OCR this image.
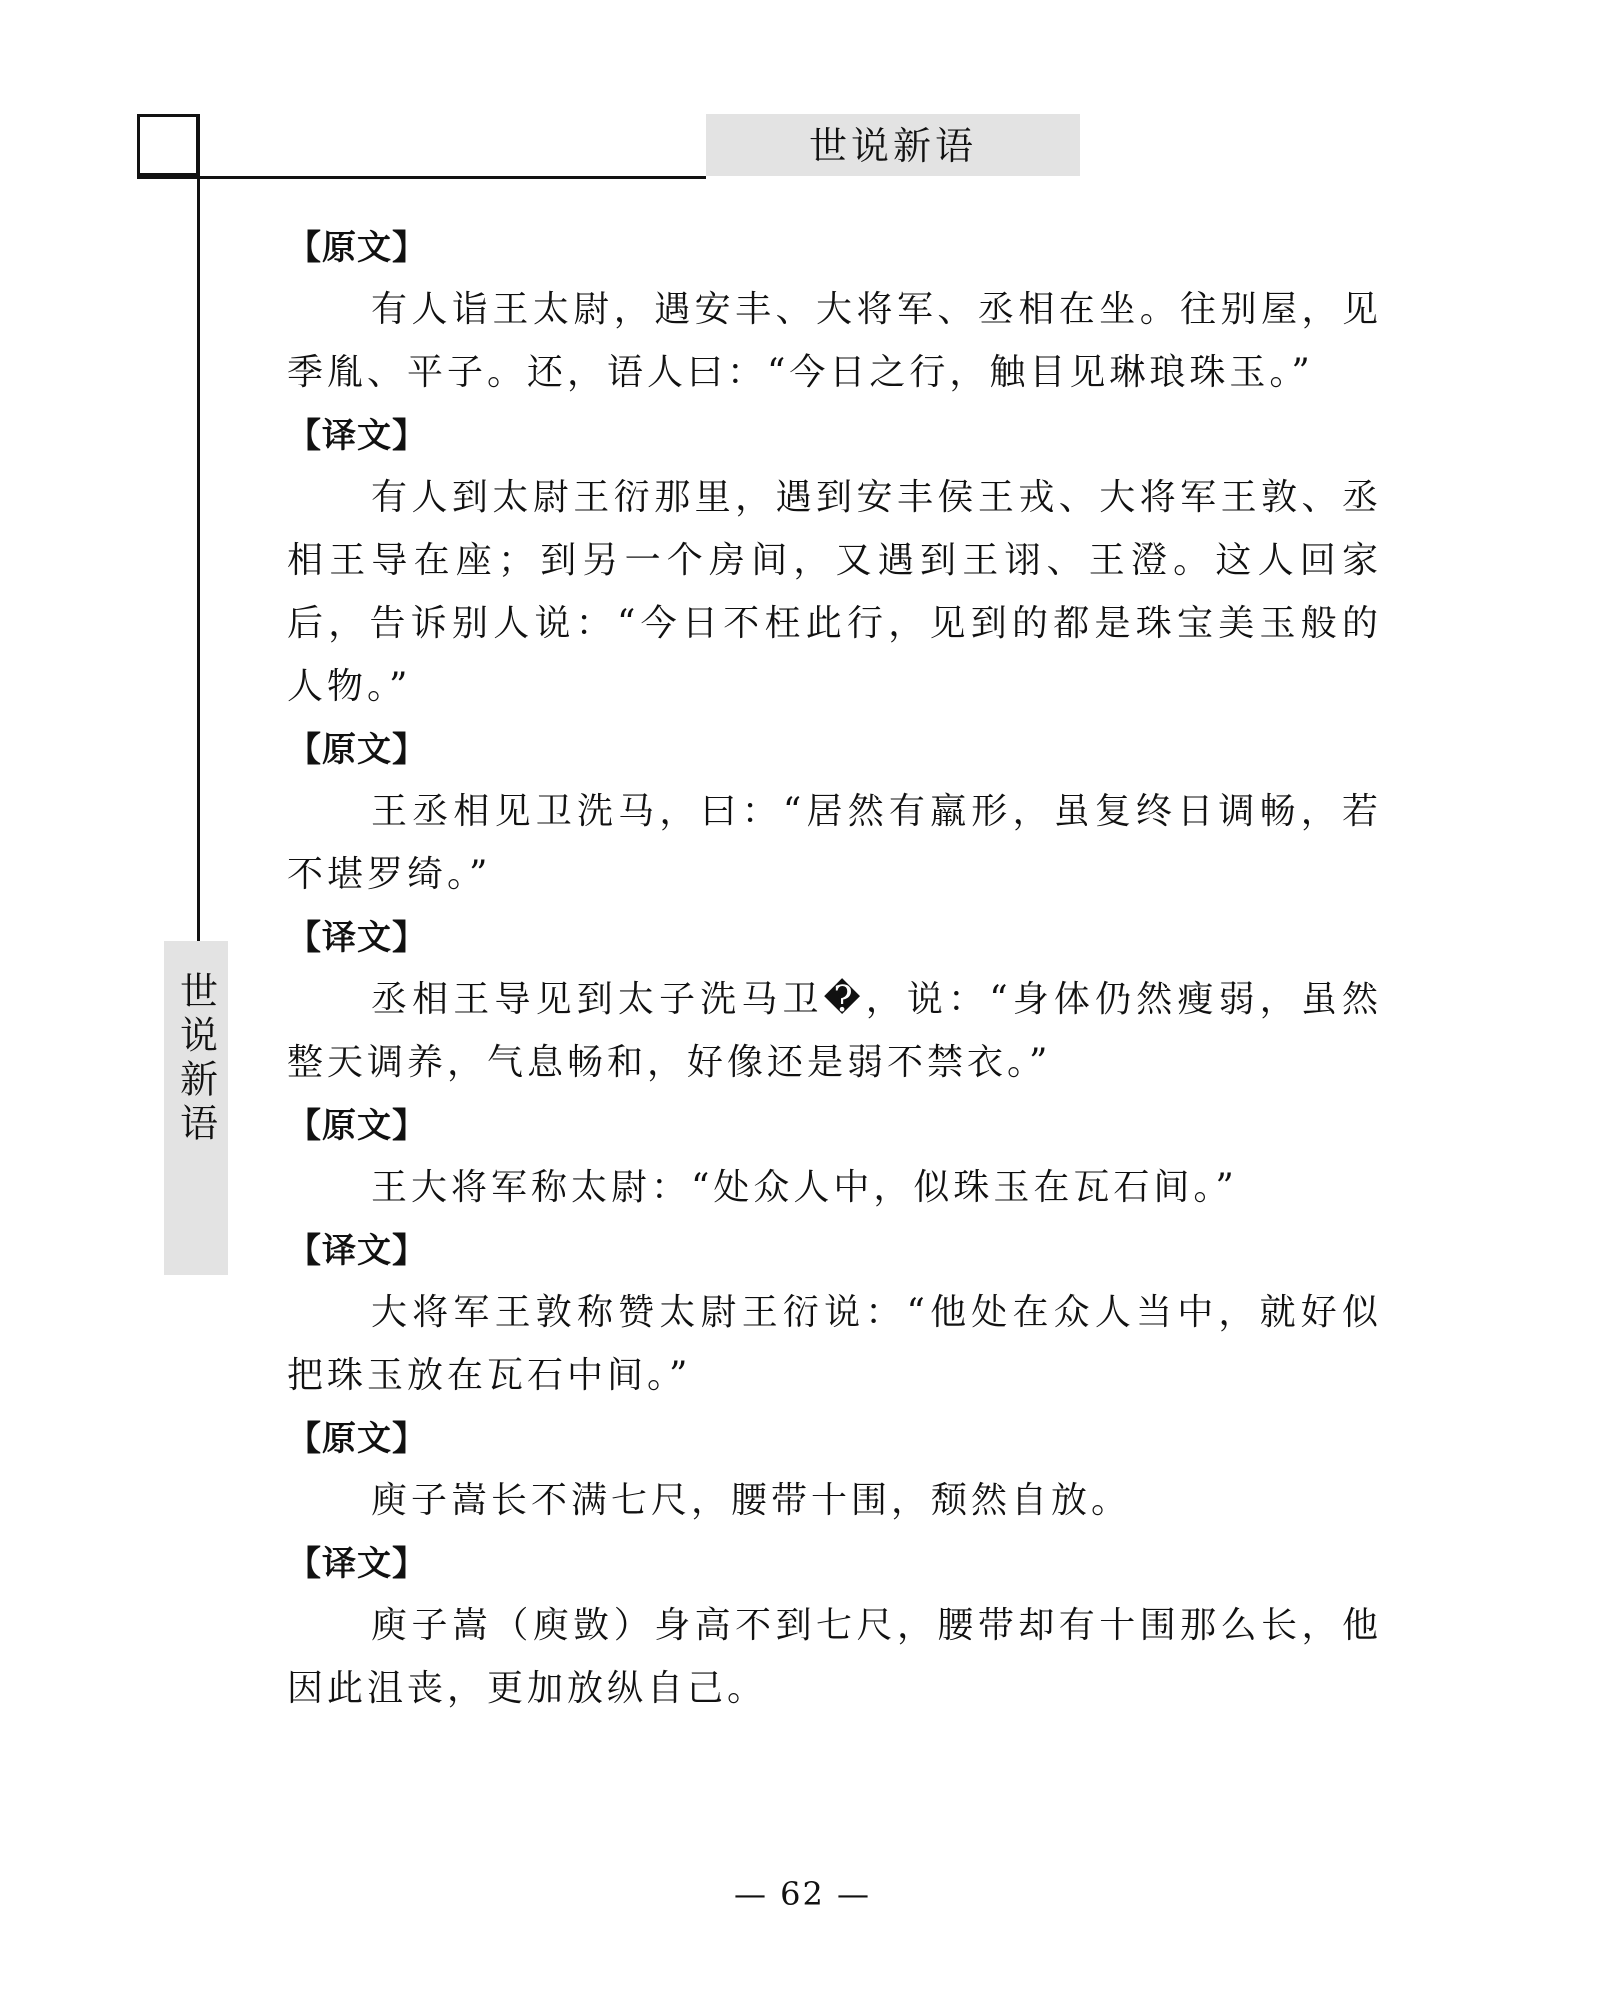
世说新语
世说新语
【原文】

有人诣王太尉，遇安丰、大将军、丞相在坐。往别屋，见季胤、平子。还，语人曰：“今日之行，触目见琳琅珠玉。”

【译文】

有人到太尉王衍那里，遇到安丰侯王戎、大将军王敦、丞相王导在座；到另一个房间，又遇到王诩、王澄。这人回家后，告诉别人说：“今日不枉此行，见到的都是珠宝美玉般的人物。”

【原文】

王丞相见卫洗马，曰：“居然有羸形，虽复终日调畅，若不堪罗绮。”

【译文】

丞相王导见到太子洗马卫�，说：“身体仍然瘦弱，虽然整天调养，气息畅和，好像还是弱不禁衣。”

【原文】

王大将军称太尉：“处众人中，似珠玉在瓦石间。”

【译文】

大将军王敦称赞太尉王衍说：“他处在众人当中，就好似把珠玉放在瓦石中间。”

【原文】

庾子嵩长不满七尺，腰带十围，颓然自放。

【译文】

庾子嵩（庾敳）身高不到七尺，腰带却有十围那么长，他因此沮丧，更加放纵自己。

— 62 —
